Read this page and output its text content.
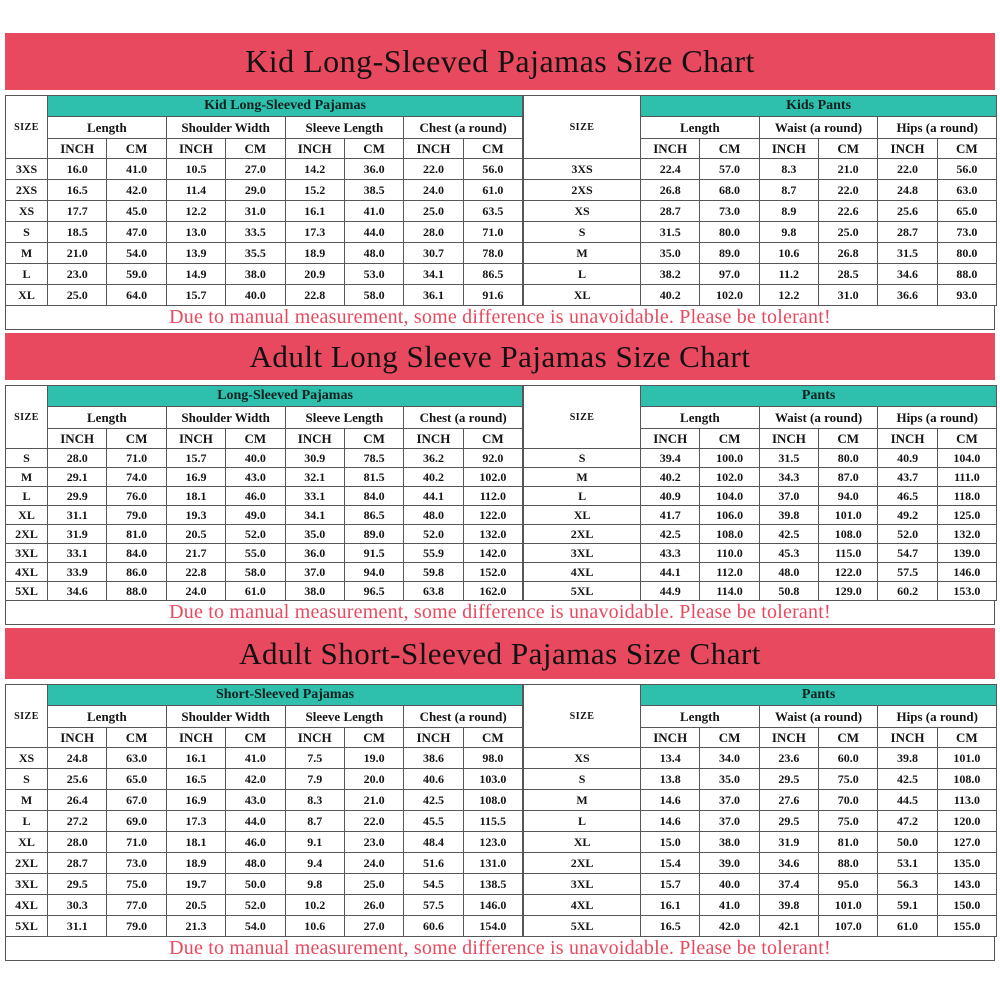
Kid Long-Sleeved Pajamas Size Chart
SIZE	Kid Long-Sleeved Pajamas							
	Length		Shoulder Width		Sleeve Length		Chest (a round)	
	INCH	CM	INCH	CM	INCH	CM	INCH	CM
3XS	16.0	41.0	10.5	27.0	14.2	36.0	22.0	56.0
2XS	16.5	42.0	11.4	29.0	15.2	38.5	24.0	61.0
XS	17.7	45.0	12.2	31.0	16.1	41.0	25.0	63.5
S	18.5	47.0	13.0	33.5	17.3	44.0	28.0	71.0
M	21.0	54.0	13.9	35.5	18.9	48.0	30.7	78.0
L	23.0	59.0	14.9	38.0	20.9	53.0	34.1	86.5
XL	25.0	64.0	15.7	40.0	22.8	58.0	36.1	91.6
SIZE	Kids Pants					
	Length		Waist (a round)		Hips (a round)	
	INCH	CM	INCH	CM	INCH	CM
3XS	22.4	57.0	8.3	21.0	22.0	56.0
2XS	26.8	68.0	8.7	22.0	24.8	63.0
XS	28.7	73.0	8.9	22.6	25.6	65.0
S	31.5	80.0	9.8	25.0	28.7	73.0
M	35.0	89.0	10.6	26.8	31.5	80.0
L	38.2	97.0	11.2	28.5	34.6	88.0
XL	40.2	102.0	12.2	31.0	36.6	93.0
Due to manual measurement, some difference is unavoidable. Please be tolerant!
Adult Long Sleeve Pajamas Size Chart
SIZE	Long-Sleeved Pajamas							
	Length		Shoulder Width		Sleeve Length		Chest (a round)	
	INCH	CM	INCH	CM	INCH	CM	INCH	CM
S	28.0	71.0	15.7	40.0	30.9	78.5	36.2	92.0
M	29.1	74.0	16.9	43.0	32.1	81.5	40.2	102.0
L	29.9	76.0	18.1	46.0	33.1	84.0	44.1	112.0
XL	31.1	79.0	19.3	49.0	34.1	86.5	48.0	122.0
2XL	31.9	81.0	20.5	52.0	35.0	89.0	52.0	132.0
3XL	33.1	84.0	21.7	55.0	36.0	91.5	55.9	142.0
4XL	33.9	86.0	22.8	58.0	37.0	94.0	59.8	152.0
5XL	34.6	88.0	24.0	61.0	38.0	96.5	63.8	162.0
SIZE	Pants					
	Length		Waist (a round)		Hips (a round)	
	INCH	CM	INCH	CM	INCH	CM
S	39.4	100.0	31.5	80.0	40.9	104.0
M	40.2	102.0	34.3	87.0	43.7	111.0
L	40.9	104.0	37.0	94.0	46.5	118.0
XL	41.7	106.0	39.8	101.0	49.2	125.0
2XL	42.5	108.0	42.5	108.0	52.0	132.0
3XL	43.3	110.0	45.3	115.0	54.7	139.0
4XL	44.1	112.0	48.0	122.0	57.5	146.0
5XL	44.9	114.0	50.8	129.0	60.2	153.0
Due to manual measurement, some difference is unavoidable. Please be tolerant!
Adult Short-Sleeved Pajamas Size Chart
SIZE	Short-Sleeved Pajamas							
	Length		Shoulder Width		Sleeve Length		Chest (a round)	
	INCH	CM	INCH	CM	INCH	CM	INCH	CM
XS	24.8	63.0	16.1	41.0	7.5	19.0	38.6	98.0
S	25.6	65.0	16.5	42.0	7.9	20.0	40.6	103.0
M	26.4	67.0	16.9	43.0	8.3	21.0	42.5	108.0
L	27.2	69.0	17.3	44.0	8.7	22.0	45.5	115.5
XL	28.0	71.0	18.1	46.0	9.1	23.0	48.4	123.0
2XL	28.7	73.0	18.9	48.0	9.4	24.0	51.6	131.0
3XL	29.5	75.0	19.7	50.0	9.8	25.0	54.5	138.5
4XL	30.3	77.0	20.5	52.0	10.2	26.0	57.5	146.0
5XL	31.1	79.0	21.3	54.0	10.6	27.0	60.6	154.0
SIZE	Pants					
	Length		Waist (a round)		Hips (a round)	
	INCH	CM	INCH	CM	INCH	CM
XS	13.4	34.0	23.6	60.0	39.8	101.0
S	13.8	35.0	29.5	75.0	42.5	108.0
M	14.6	37.0	27.6	70.0	44.5	113.0
L	14.6	37.0	29.5	75.0	47.2	120.0
XL	15.0	38.0	31.9	81.0	50.0	127.0
2XL	15.4	39.0	34.6	88.0	53.1	135.0
3XL	15.7	40.0	37.4	95.0	56.3	143.0
4XL	16.1	41.0	39.8	101.0	59.1	150.0
5XL	16.5	42.0	42.1	107.0	61.0	155.0
Due to manual measurement, some difference is unavoidable. Please be tolerant!
